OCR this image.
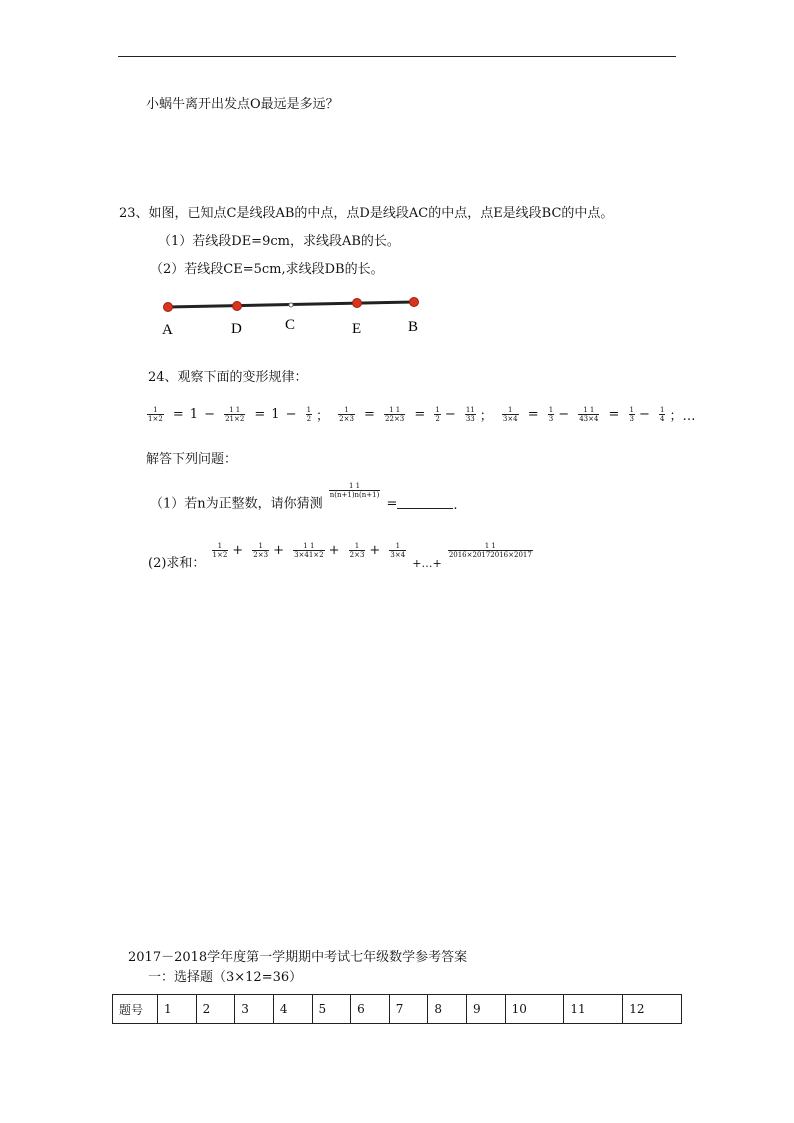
小蜗牛离开出发点O最远是多远？
23、如图，已知点C是线段AB的中点，点D是线段AC的中点，点E是线段BC的中点。
（1）若线段DE=9cm，求线段AB的长。
（2）若线段CE=5cm,求线段DB的长。
A	D	C	E	B
24、观察下面的变形规律：
$\frac{1}{1\times 2} = 1 - \frac{1 1}{21\times 2} = 1 - \frac{1}{2}$ ； $\frac{1}{2\times 3} = \frac{1 1}{22\times 3} = \frac{1}{2} - \frac{11}{33}$ ； $\frac{1}{3\times 4} = \frac{1}{3} - \frac{1 1}{43\times 4} = \frac{1}{3} - \frac{1}{4}$ ；…
解答下列问题：
（1）若n为正整数，请你猜测
$\frac{1 1}{n(n+1)n(n+1)}$
=	.
$_{(2)求和:}$
$\frac{1}{1\times 2} + \frac{1}{2\times 3} + \frac{1 1}{3\times 41\times 2} + \frac{1}{2\times 3} + \frac{1}{3\times 4}$
$_{+\dots+}$
$\frac{1 1}{2016\times 20172016\times 2017}$
2017－2018学年度第一学期期中考试七年级数学参考答案
一：选择题（3×12=36）
题号	1	2	3	4	5	6	7	8	9	10	11	12
